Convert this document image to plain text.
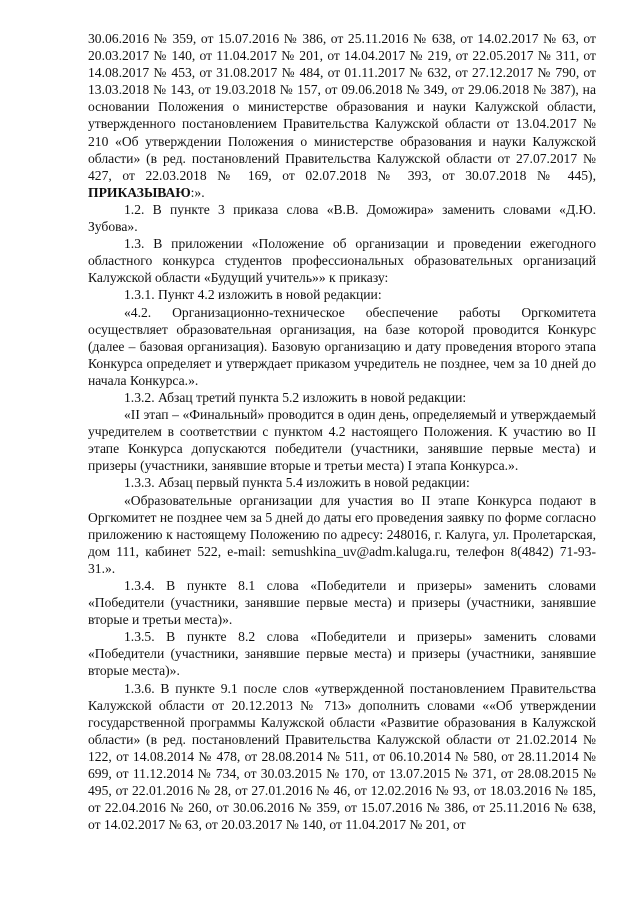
30.06.2016 № 359, от 15.07.2016 № 386, от 25.11.2016 № 638, от 14.02.2017 № 63, от 20.03.2017 № 140, от 11.04.2017 № 201, от 14.04.2017 № 219, от 22.05.2017 № 311, от 14.08.2017 № 453, от 31.08.2017 № 484, от 01.11.2017 № 632, от 27.12.2017 № 790, от 13.03.2018 № 143, от 19.03.2018 № 157, от 09.06.2018 № 349, от 29.06.2018 № 387), на основании Положения о министерстве образования и науки Калужской области, утвержденного постановлением Правительства Калужской области от 13.04.2017 № 210 «Об утверждении Положения о министерстве образования и науки Калужской области» (в ред. постановлений Правительства Калужской области от 27.07.2017 № 427, от 22.03.2018 № 169, от 02.07.2018 № 393, от 30.07.2018 № 445), ПРИКАЗЫВАЮ:».

1.2. В пункте 3 приказа слова «В.В. Доможира» заменить словами «Д.Ю. Зубова».

1.3. В приложении «Положение об организации и проведении ежегодного областного конкурса студентов профессиональных образовательных организаций Калужской области «Будущий учитель»» к приказу:

1.3.1. Пункт 4.2 изложить в новой редакции:

«4.2. Организационно-техническое обеспечение работы Оргкомитета осуществляет образовательная организация, на базе которой проводится Конкурс (далее – базовая организация). Базовую организацию и дату проведения второго этапа Конкурса определяет и утверждает приказом учредитель не позднее, чем за 10 дней до начала Конкурса.».

1.3.2. Абзац третий пункта 5.2 изложить в новой редакции:

«II этап – «Финальный» проводится в один день, определяемый и утверждаемый учредителем в соответствии с пунктом 4.2 настоящего Положения. К участию во II этапе Конкурса допускаются победители (участники, занявшие первые места) и призеры (участники, занявшие вторые и третьи места) I этапа Конкурса.».

1.3.3. Абзац первый пункта 5.4 изложить в новой редакции:

«Образовательные организации для участия во II этапе Конкурса подают в Оргкомитет не позднее чем за 5 дней до даты его проведения заявку по форме согласно приложению к настоящему Положению по адресу: 248016, г. Калуга, ул. Пролетарская, дом 111, кабинет 522, e-mail: semushkina_uv@adm.kaluga.ru, телефон 8(4842) 71-93-31.».

1.3.4. В пункте 8.1 слова «Победители и призеры» заменить словами «Победители (участники, занявшие первые места) и призеры (участники, занявшие вторые и третьи места)».

1.3.5. В пункте 8.2 слова «Победители и призеры» заменить словами «Победители (участники, занявшие первые места) и призеры (участники, занявшие вторые места)».

1.3.6. В пункте 9.1 после слов «утвержденной постановлением Правительства Калужской области от 20.12.2013 № 713» дополнить словами ««Об утверждении государственной программы Калужской области «Развитие образования в Калужской области» (в ред. постановлений Правительства Калужской области от 21.02.2014 № 122, от 14.08.2014 № 478, от 28.08.2014 № 511, от 06.10.2014 № 580, от 28.11.2014 № 699, от 11.12.2014 № 734, от 30.03.2015 № 170, от 13.07.2015 № 371, от 28.08.2015 № 495, от 22.01.2016 № 28, от 27.01.2016 № 46, от 12.02.2016 № 93, от 18.03.2016 № 185, от 22.04.2016 № 260, от 30.06.2016 № 359, от 15.07.2016 № 386, от 25.11.2016 № 638, от 14.02.2017 № 63, от 20.03.2017 № 140, от 11.04.2017 № 201, от
